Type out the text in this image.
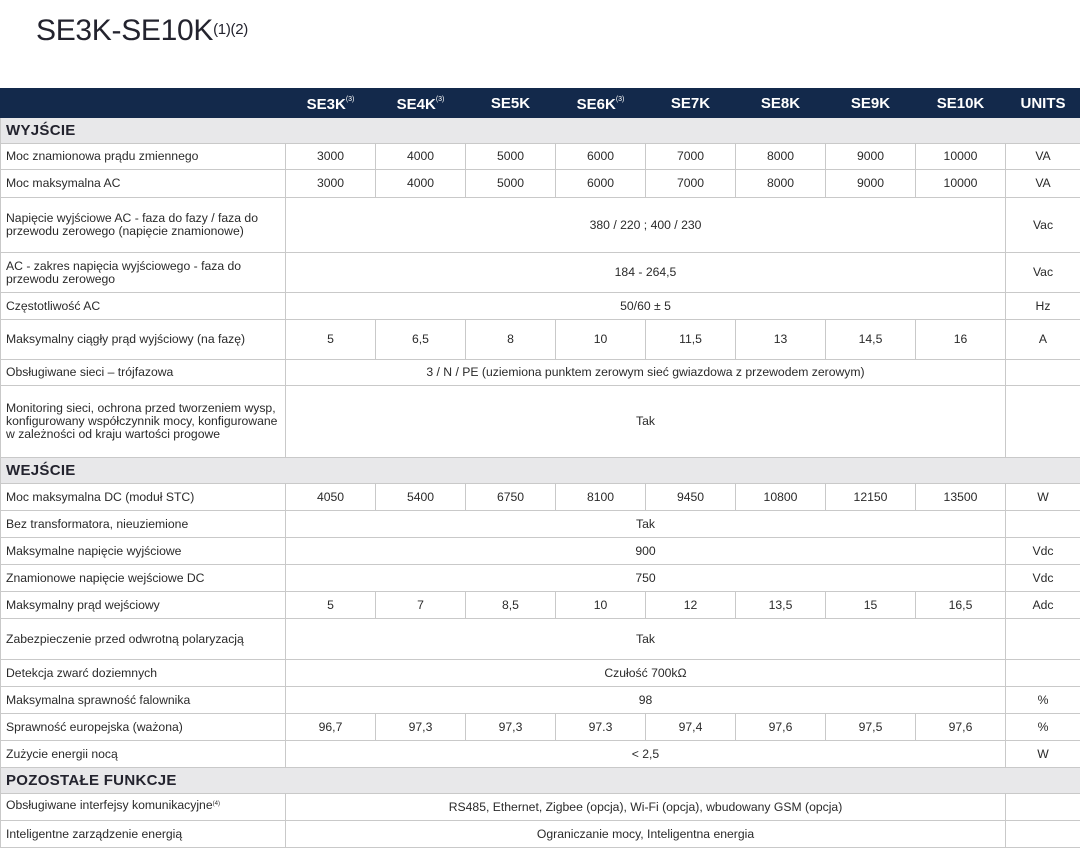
$SE3K-SE10K^{(1)(2)}$
	$SE3K^{(3)}$	$SE4K^{(3)}$	SE5K	$SE6K^{(3)}$	SE7K	SE8K	SE9K	SE10K	UNITS
WYJŚCIE									
Moc znamionowa prądu zmiennego	3000	4000	5000	6000	7000	8000	9000	10000	VA
Moc maksymalna AC	3000	4000	5000	6000	7000	8000	9000	10000	VA
Napięcie wyjściowe AC - faza do fazy / faza do przewodu zerowego (napięcie znamionowe)	380 / 220 ; 400 / 230								Vac
AC - zakres napięcia wyjściowego - faza do przewodu zerowego	184 - 264,5								Vac
Częstotliwość AC	50/60 ± 5								Hz
Maksymalny ciągły prąd wyjściowy (na fazę)	5	6,5	8	10	11,5	13	14,5	16	A
Obsługiwane sieci – trójfazowa	3 / N / PE (uziemiona punktem zerowym sieć gwiazdowa z przewodem zerowym)								
Monitoring sieci, ochrona przed tworzeniem wysp, konfigurowany współczynnik mocy, konfigurowane w zależności od kraju wartości progowe	Tak								
WEJŚCIE									
Moc maksymalna DC (moduł STC)	4050	5400	6750	8100	9450	10800	12150	13500	W
Bez transformatora, nieuziemione	Tak								
Maksymalne napięcie wyjściowe	900								Vdc
Znamionowe napięcie wejściowe DC	750								Vdc
Maksymalny prąd wejściowy	5	7	8,5	10	12	13,5	15	16,5	Adc
Zabezpieczenie przed odwrotną polaryzacją	Tak								
Detekcja zwarć doziemnych	Czułość 700kΩ								
Maksymalna sprawność falownika	98								%
Sprawność europejska (ważona)	96,7	97,3	97,3	97.3	97,4	97,6	97,5	97,6	%
Zużycie energii nocą	< 2,5								W
POZOSTAŁE FUNKCJE									
Obsługiwane interfejsy komunikacyjne$^{(4)}$	RS485, Ethernet, Zigbee (opcja), Wi-Fi (opcja), wbudowany GSM (opcja)								
Inteligentne zarządzenie energią	Ograniczanie mocy, Inteligentna energia								
